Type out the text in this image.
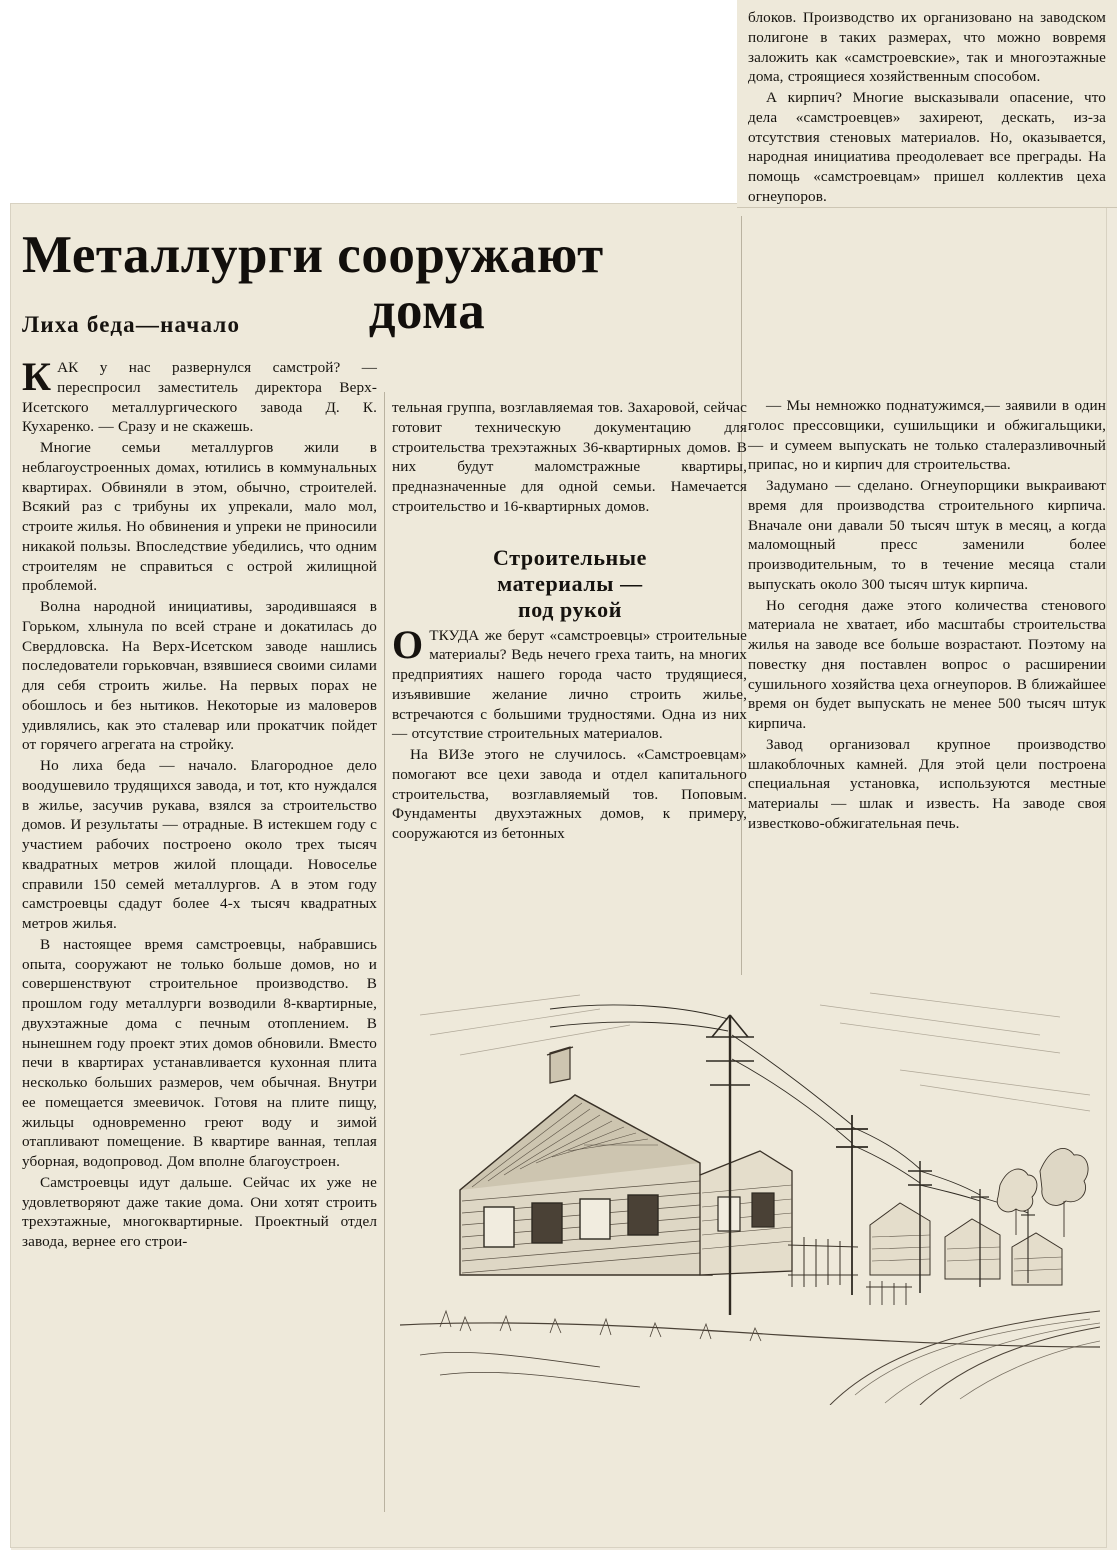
Металлурги сооружают
дома
Лиха беда—начало
Строительные
материалы —
под рукой

КАК у нас развернулся самстрой? — переспросил заместитель директора Верх-Исетского металлургического завода Д. К. Кухаренко. — Сразу и не скажешь.

Многие семьи металлургов жили в неблагоустроенных домах, ютились в коммунальных квартирах. Обвиняли в этом, обычно, строителей. Всякий раз с трибуны их упрекали, мало мол, строите жилья. Но обвинения и упреки не приносили никакой пользы. Впоследствие убедились, что одним строителям не справиться с острой жилищной проблемой.

Волна народной инициативы, зародившаяся в Горьком, хлынула по всей стране и докатилась до Свердловска. На Верх-Исетском заводе нашлись последователи горьковчан, взявшиеся своими силами для себя строить жилье. На первых порах не обошлось и без нытиков. Некоторые из маловеров удивлялись, как это сталевар или прокатчик пойдет от горячего агрегата на стройку.

Но лиха беда — начало. Благородное дело воодушевило трудящихся завода, и тот, кто нуждался в жилье, засучив рукава, взялся за строительство домов. И результаты — отрадные. В истекшем году с участием рабочих построено около трех тысяч квадратных метров жилой площади. Новоселье справили 150 семей металлургов. А в этом году самстроевцы сдадут более 4-х тысяч квадратных метров жилья.

В настоящее время самстроевцы, набравшись опыта, сооружают не только больше домов, но и совершенствуют строительное производство. В прошлом году металлурги возводили 8-квартирные, двухэтажные дома с печным отоплением. В нынешнем году проект этих домов обновили. Вместо печи в квартирах устанавливается кухонная плита несколько больших размеров, чем обычная. Внутри ее помещается змеевичок. Готовя на плите пищу, жильцы одновременно греют воду и зимой отапливают помещение. В квартире ванная, теплая уборная, водопровод. Дом вполне благоустроен.

Самстроевцы идут дальше. Сейчас их уже не удовлетворяют даже такие дома. Они хотят строить трехэтажные, многоквартирные. Проектный отдел завода, вернее его строи-

тельная группа, возглавляемая тов. Захаровой, сейчас готовит техническую документацию для строительства трехэтажных 36-квартирных домов. В них будут маломстражные квартиры, предназначенные для одной семьи. Намечается строительство и 16-квартирных домов.

ОТКУДА же берут «самстроевцы» строительные материалы? Ведь нечего греха таить, на многих предприятиях нашего города часто трудящиеся, изъявившие желание лично строить жилье, встречаются с большими трудностями. Одна из них — отсутствие строительных материалов.

На ВИЗе этого не случилось. «Самстроевцам» помогают все цехи завода и отдел капитального строительства, возглавляемый тов. Поповым. Фундаменты двухэтажных домов, к примеру, сооружаются из бетонных

блоков. Производство их организовано на заводском полигоне в таких размерах, что можно вовремя заложить как «самстроевские», так и многоэтажные дома, строящиеся хозяйственным способом.

А кирпич? Многие высказывали опасение, что дела «самстроевцев» захиреют, дескать, из-за отсутствия стеновых материалов. Но, оказывается, народная инициатива преодолевает все преграды. На помощь «самстроевцам» пришел коллектив цеха огнеупоров.

— Мы немножко поднатужимся,— заявили в один голос прессовщики, сушильщики и обжигальщики, — и сумеем выпускать не только сталеразливочный припас, но и кирпич для строительства.

Задумано — сделано. Огнеупорщики выкраивают время для производства строительного кирпича. Вначале они давали 50 тысяч штук в месяц, а когда маломощный пресс заменили более производительным, то в течение месяца стали выпускать около 300 тысяч штук кирпича.

Но сегодня даже этого количества стенового материала не хватает, ибо масштабы строительства жилья на заводе все больше возрастают. Поэтому на повестку дня поставлен вопрос о расширении сушильного хозяйства цеха огнеупоров. В ближайшее время он будет выпускать не менее 500 тысяч штук кирпича.

Завод организовал крупное производство шлакоблочных камней. Для этой цели построена специальная установка, используются местные материалы — шлак и известь. На заводе своя известково-обжигательная печь.
